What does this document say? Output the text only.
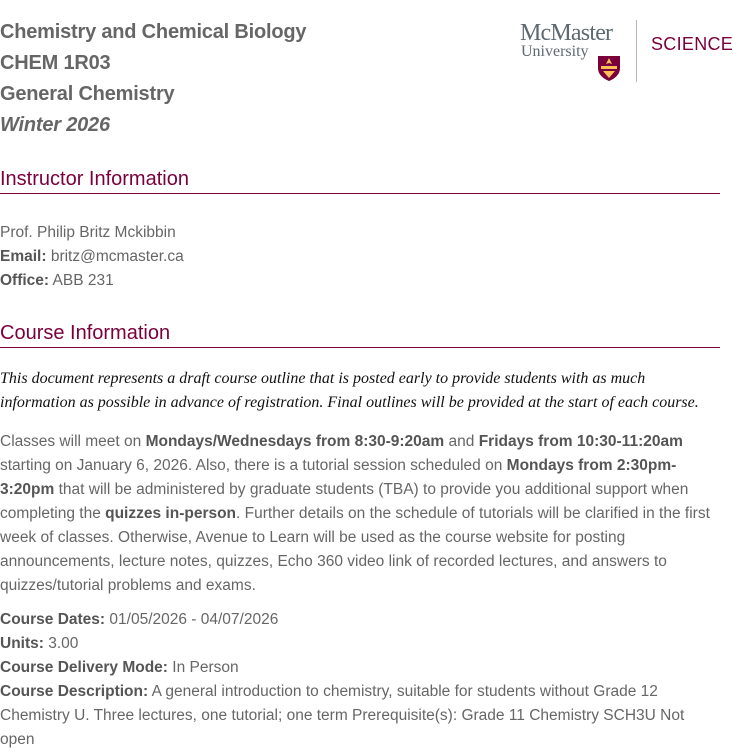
Chemistry and Chemical Biology
CHEM 1R03
General Chemistry
Winter 2026
McMaster
University	SCIENCE
Instructor Information
Prof. Philip Britz Mckibbin
Email: britz@mcmaster.ca
Office: ABB 231
Course Information
This document represents a draft course outline that is posted early to provide students with as much information as possible in advance of registration. Final outlines will be provided at the start of each course.
Classes will meet on Mondays/Wednesdays from 8:30-9:20am and Fridays from 10:30-11:20am starting on January 6, 2026. Also, there is a tutorial session scheduled on Mondays from 2:30pm-3:20pm that will be administered by graduate students (TBA) to provide you additional support when completing the quizzes in-person. Further details on the schedule of tutorials will be clarified in the first week of classes. Otherwise, Avenue to Learn will be used as the course website for posting announcements, lecture notes, quizzes, Echo 360 video link of recorded lectures, and answers to quizzes/tutorial problems and exams.
Course Dates: 01/05/2026 - 04/07/2026
Units: 3.00
Course Delivery Mode: In Person
Course Description: A general introduction to chemistry, suitable for students without Grade 12 Chemistry U. Three lectures, one tutorial; one term Prerequisite(s): Grade 11 Chemistry SCH3U Not open
